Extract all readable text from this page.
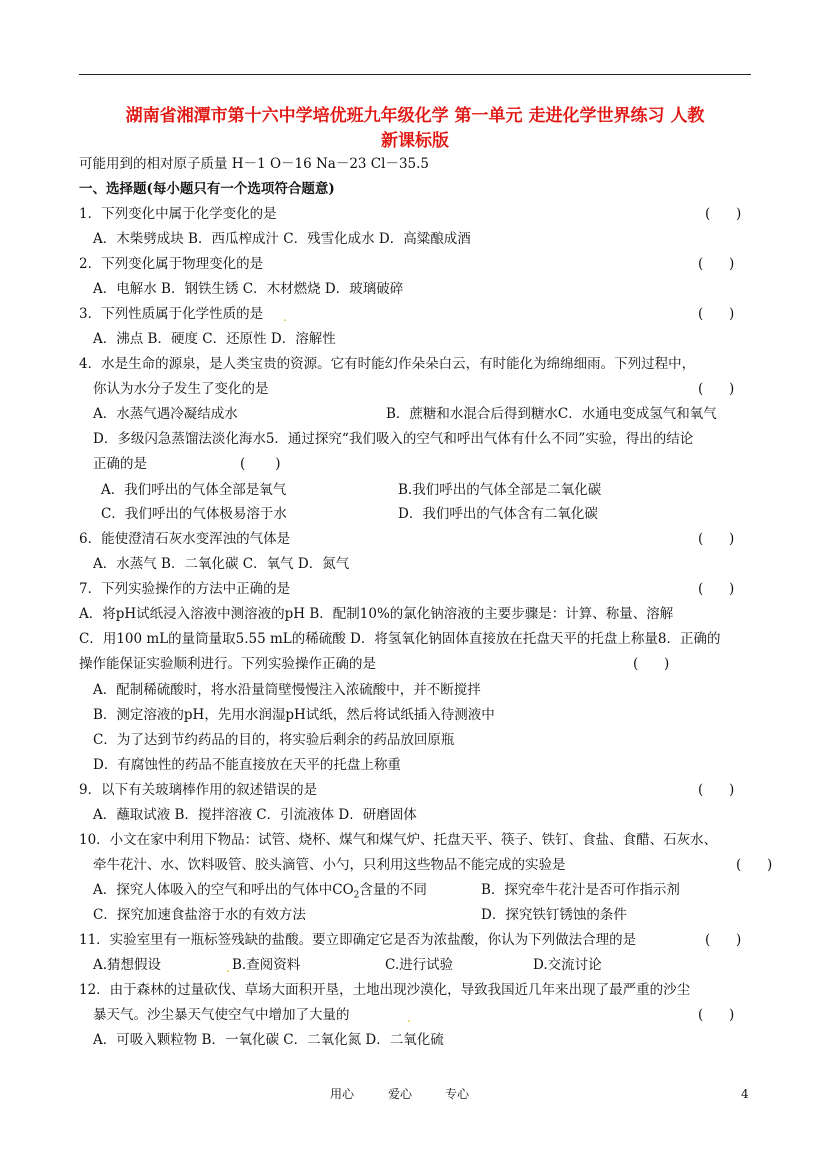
湖南省湘潭市第十六中学培优班九年级化学 第一单元 走进化学世界练习 人教
新课标版
可能用到的相对原子质量 H－1 O－16 Na－23 Cl－35.5
一、选择题(每小题只有一个选项符合题意)
1．下列变化中属于化学变化的是	(      )
A．木柴劈成块 B．西瓜榨成汁 C．残雪化成水 D．高粱酿成酒
2．下列变化属于物理变化的是	(      )
A．电解水 B．钢铁生锈 C．木材燃烧 D．玻璃破碎
3．下列性质属于化学性质的是 .	(      )
A．沸点 B．硬度 C．还原性 D．溶解性
4．水是生命的源泉，是人类宝贵的资源。它有时能幻作朵朵白云，有时能化为绵绵细雨。下列过程中，
你认为水分子发生了变化的是	(      )
A．水蒸气遇冷凝结成水	B．蔗糖和水混合后得到糖水C．水通电变成氢气和氧气
D．多级闪急蒸馏法淡化海水5．通过探究“我们吸入的空气和呼出气体有什么不同”实验，得出的结论
正确的是	(       )
A．我们呼出的气体全部是氧气	B.我们呼出的气体全部是二氧化碳
C．我们呼出的气体极易溶于水	D．我们呼出的气体含有二氧化碳
6．能使澄清石灰水变浑浊的气体是	(      )
A．水蒸气 B．二氧化碳 C．氧气 D．氮气
7．下列实验操作的方法中正确的是	(      )
A．将pH试纸浸入溶液中测溶液的pH B．配制10%的氯化钠溶液的主要步骤是：计算、称量、溶解
C．用100 mL的量筒量取5.55 mL的稀硫酸 D．将氢氧化钠固体直接放在托盘天平的托盘上称量8．正确的
操作能保证实验顺利进行。下列实验操作正确的是	(      )
A．配制稀硫酸时，将水沿量筒壁慢慢注入浓硫酸中，并不断搅拌
B．测定溶液的pH，先用水润湿pH试纸，然后将试纸插入待测液中
C．为了达到节约药品的目的，将实验后剩余的药品放回原瓶
D．有腐蚀性的药品不能直接放在天平的托盘上称重
9．以下有关玻璃棒作用的叙述错误的是	(      )
A．蘸取试液 B．搅拌溶液 C．引流液体 D．研磨固体
10．小文在家中利用下物品：试管、烧杯、煤气和煤气炉、托盘天平、筷子、铁钉、食盐、食醋、石灰水、
牵牛花汁、水、饮料吸管、胶头滴管、小勺，只利用这些物品不能完成的实验是	(      )
A．探究人体吸入的空气和呼出的气体中$CO_2$含量的不同	B．探究牵牛花汁是否可作指示剂
C．探究加速食盐溶于水的有效方法	D．探究铁钉锈蚀的条件
11．实验室里有一瓶标签残缺的盐酸。要立即确定它是否为浓盐酸，你认为下列做法合理的是	(      )
A.猜想假设	. B.查阅资料	C.进行试验	D.交流讨论
12．由于森林的过量砍伐、草场大面积开垦，土地出现沙漠化，导致我国近几年来出现了最严重的沙尘
暴天气。沙尘暴天气使空气中增加了大量的	.	(      )
A．可吸入颗粒物 B．一氧化碳 C．二氧化氮 D．二氧化硫
用心	爱心	专心	4
